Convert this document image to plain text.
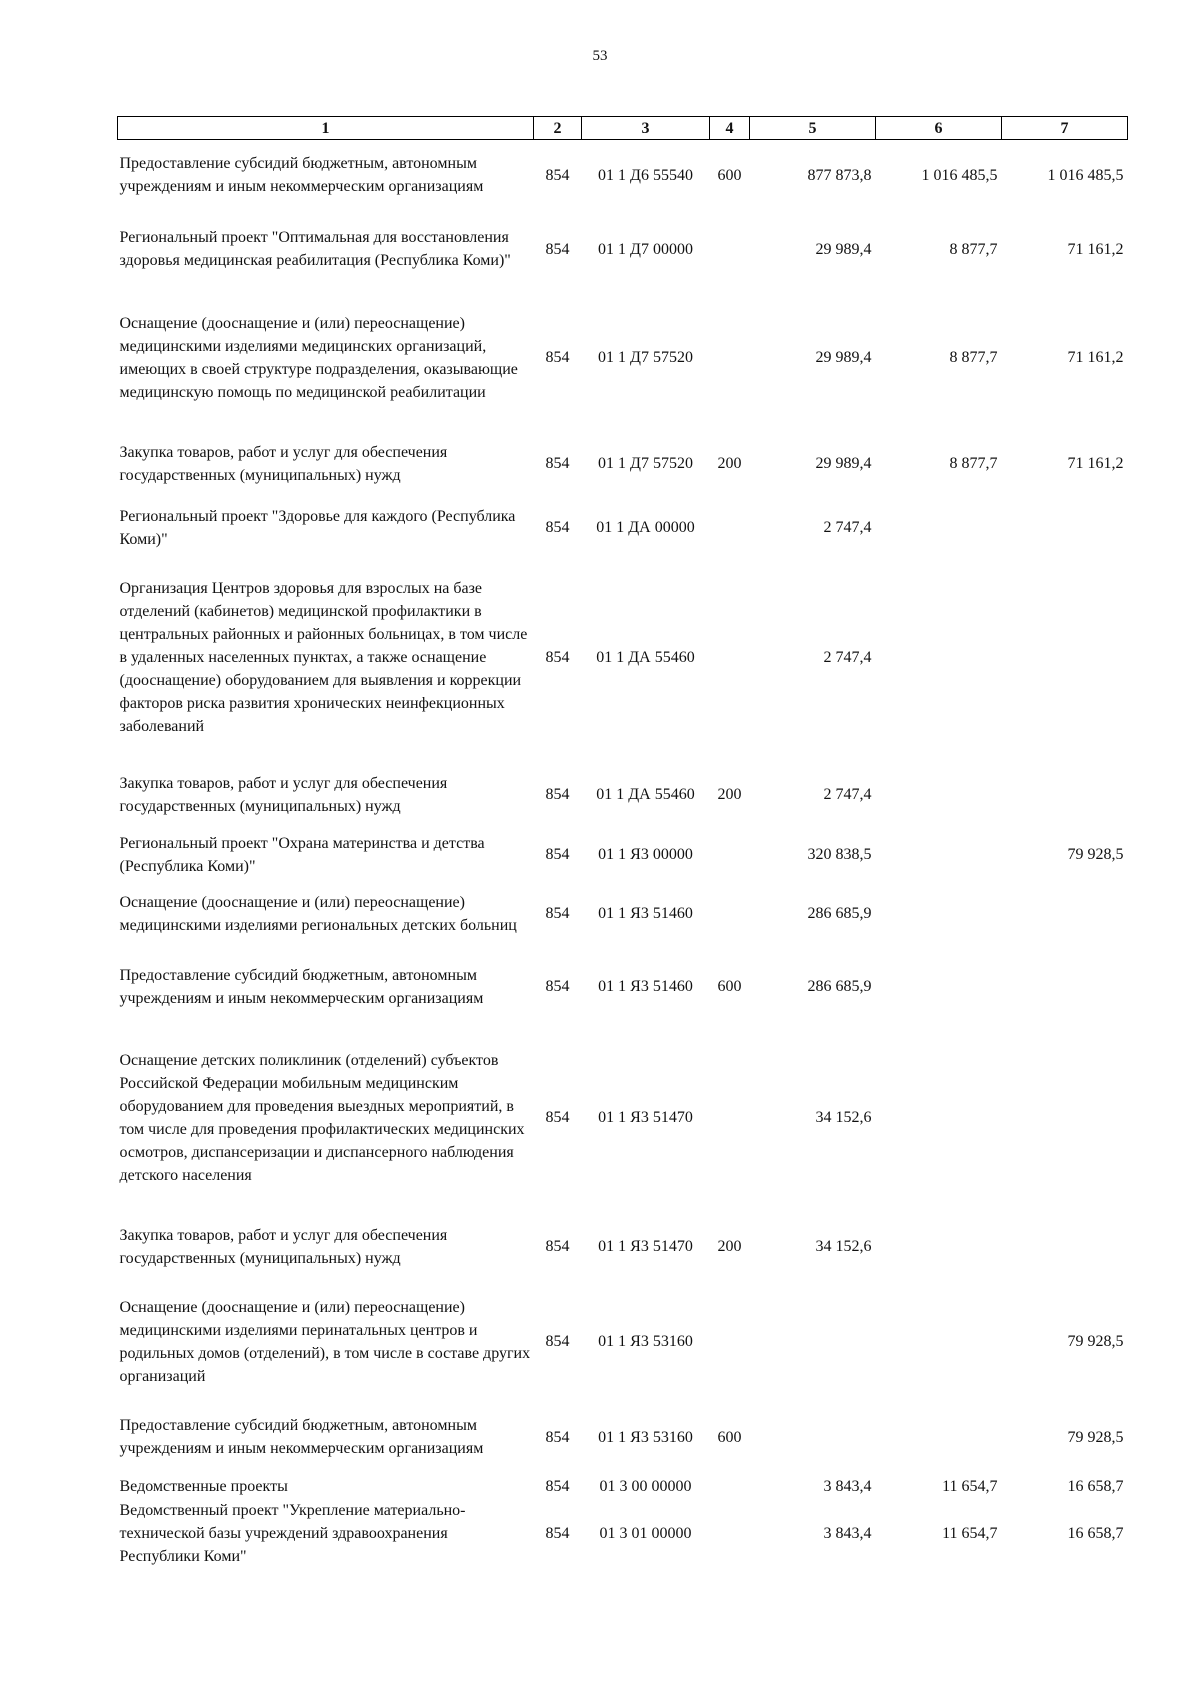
53
1	2	3	4	5	6	7
Предоставление субсидий бюджетным, автономным учреждениям и иным некоммерческим организациям	854	01 1 Д6 55540	600	877 873,8	1 016 485,5	1 016 485,5
Региональный проект "Оптимальная для восстановления здоровья медицинская реабилитация (Республика Коми)"	854	01 1 Д7 00000		29 989,4	8 877,7	71 161,2
Оснащение (дооснащение и (или) переоснащение) медицинскими изделиями медицинских организаций, имеющих в своей структуре подразделения, оказывающие медицинскую помощь по медицинской реабилитации	854	01 1 Д7 57520		29 989,4	8 877,7	71 161,2
Закупка товаров, работ и услуг для обеспечения государственных (муниципальных) нужд	854	01 1 Д7 57520	200	29 989,4	8 877,7	71 161,2
Региональный проект "Здоровье для каждого (Республика Коми)"	854	01 1 ДА 00000		2 747,4		
Организация Центров здоровья для взрослых на базе отделений (кабинетов) медицинской профилактики в центральных районных и районных больницах, в том числе в удаленных населенных пунктах, а также оснащение (дооснащение) оборудованием для выявления и коррекции факторов риска развития хронических неинфекционных заболеваний	854	01 1 ДА 55460		2 747,4		
Закупка товаров, работ и услуг для обеспечения государственных (муниципальных) нужд	854	01 1 ДА 55460	200	2 747,4		
Региональный проект "Охрана материнства и детства (Республика Коми)"	854	01 1 Я3 00000		320 838,5		79 928,5
Оснащение (дооснащение и (или) переоснащение) медицинскими изделиями региональных детских больниц	854	01 1 Я3 51460		286 685,9		
Предоставление субсидий бюджетным, автономным учреждениям и иным некоммерческим организациям	854	01 1 Я3 51460	600	286 685,9		
Оснащение детских поликлиник (отделений) субъектов Российской Федерации мобильным медицинским оборудованием для проведения выездных мероприятий, в том числе для проведения профилактических медицинских осмотров, диспансеризации и диспансерного наблюдения детского населения	854	01 1 Я3 51470		34 152,6		
Закупка товаров, работ и услуг для обеспечения государственных (муниципальных) нужд	854	01 1 Я3 51470	200	34 152,6		
Оснащение (дооснащение и (или) переоснащение) медицинскими изделиями перинатальных центров и родильных домов (отделений), в том числе в составе других организаций	854	01 1 Я3 53160				79 928,5
Предоставление субсидий бюджетным, автономным учреждениям и иным некоммерческим организациям	854	01 1 Я3 53160	600			79 928,5
Ведомственные проекты	854	01 3 00 00000		3 843,4	11 654,7	16 658,7
Ведомственный проект "Укрепление материально-технической базы учреждений здравоохранения Республики Коми"	854	01 3 01 00000		3 843,4	11 654,7	16 658,7
